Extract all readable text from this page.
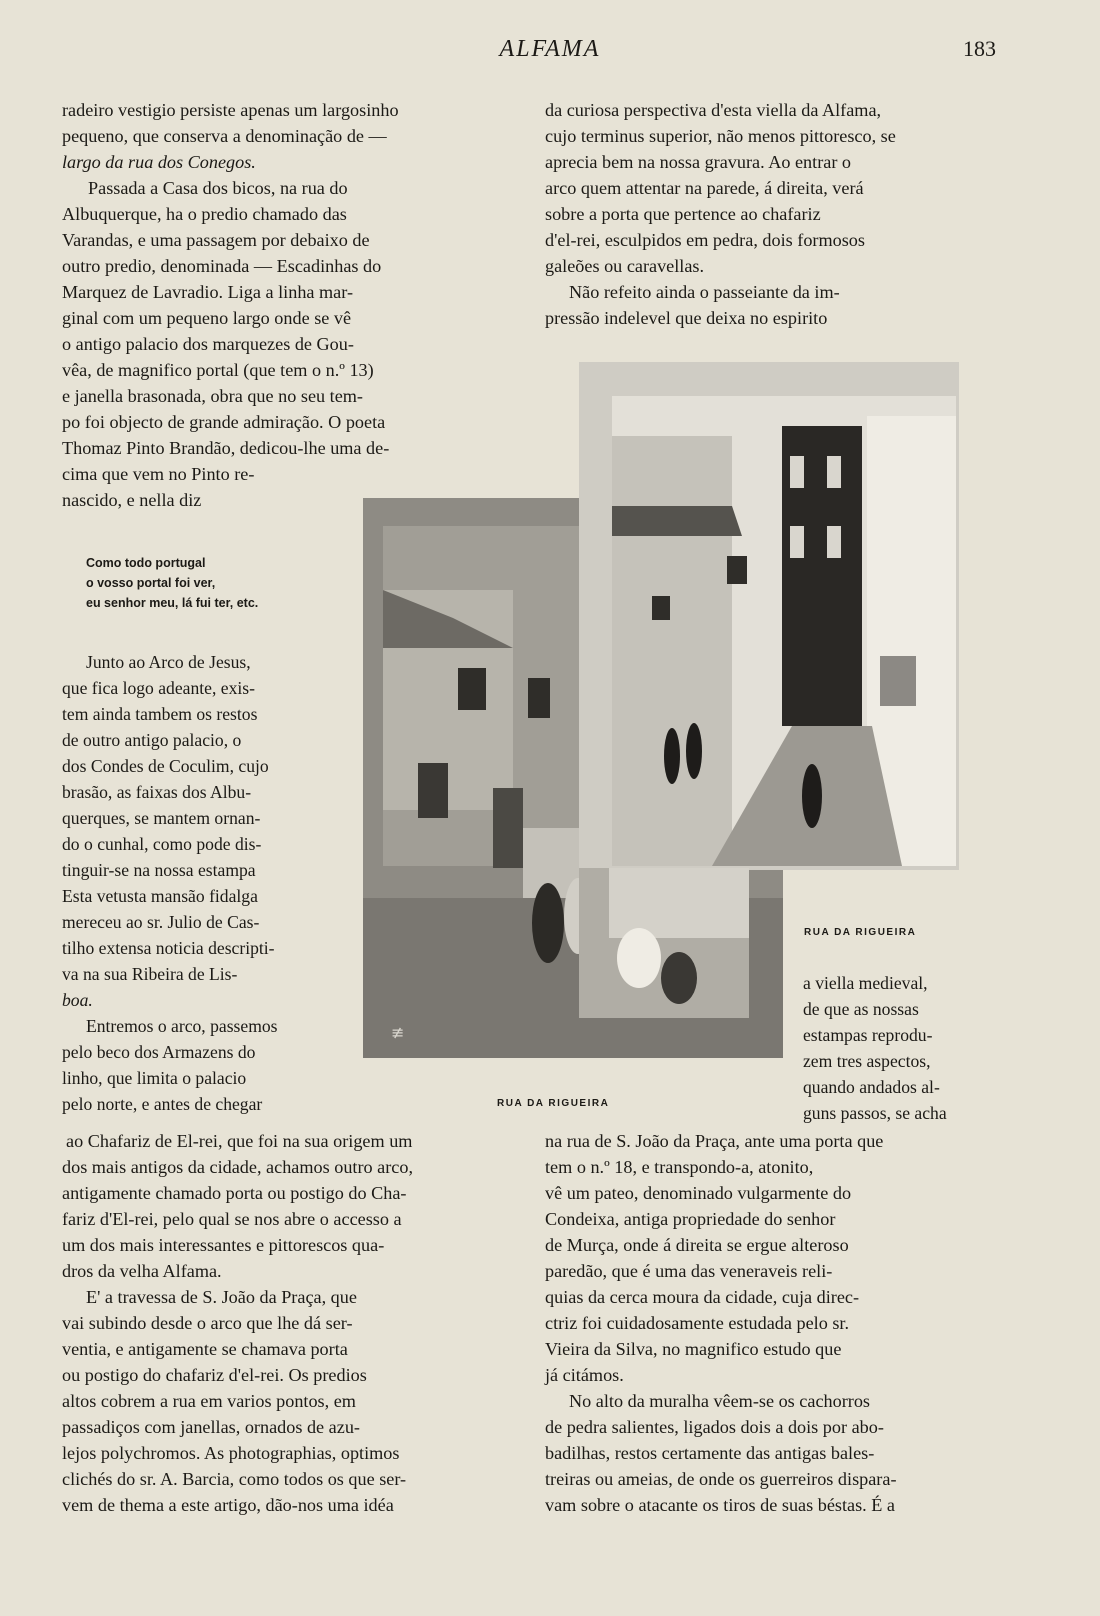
ALFAMA	183
radeiro vestigio persiste apenas um largosinho
pequeno, que conserva a denominação de —
largo da rua dos Conegos.
Passada a Casa dos bicos, na rua do
Albuquerque, ha o predio chamado das
Varandas, e uma passagem por debaixo de
outro predio, denominada — Escadinhas do
Marquez de Lavradio. Liga a linha mar-
ginal com um pequeno largo onde se vê
o antigo palacio dos marquezes de Gou-
vêa, de magnifico portal (que tem o n.º 13)
e janella brasonada, obra que no seu tem-
po foi objecto de grande admiração. O poeta
Thomaz Pinto Brandão, dedicou-lhe uma de-
cima que vem no Pinto re-
nascido, e nella diz
Como todo portugal
o vosso portal foi ver,
eu senhor meu, lá fui ter, etc.
Junto ao Arco de Jesus,
que fica logo adeante, exis-
tem ainda tambem os restos
de outro antigo palacio, o
dos Condes de Coculim, cujo
brasão, as faixas dos Albu-
querques, se mantem ornan-
do o cunhal, como pode dis-
tinguir-se na nossa estampa
Esta vetusta mansão fidalga
mereceu ao sr. Julio de Cas-
tilho extensa noticia descripti-
va na sua Ribeira de Lis-
boa.
Entremos o arco, passemos
pelo beco dos Armazens do
linho, que limita o palacio
pelo norte, e antes de chegar
ao Chafariz de El-rei, que foi na sua origem um
dos mais antigos da cidade, achamos outro arco,
antigamente chamado porta ou postigo do Cha-
fariz d'El-rei, pelo qual se nos abre o accesso a
um dos mais interessantes e pittorescos qua-
dros da velha Alfama.
E' a travessa de S. João da Praça, que
vai subindo desde o arco que lhe dá ser-
ventia, e antigamente se chamava porta
ou postigo do chafariz d'el-rei. Os predios
altos cobrem a rua em varios pontos, em
passadiços com janellas, ornados de azu-
lejos polychromos. As photographias, optimos
clichés do sr. A. Barcia, como todos os que ser-
vem de thema a este artigo, dão-nos uma idéa
da curiosa perspectiva d'esta viella da Alfama,
cujo terminus superior, não menos pittoresco, se
aprecia bem na nossa gravura. Ao entrar o
arco quem attentar na parede, á direita, verá
sobre a porta que pertence ao chafariz
d'el-rei, esculpidos em pedra, dois formosos
galeões ou caravellas.
Não refeito ainda o passeiante da im-
pressão indelevel que deixa no espirito
≢
RUA DA RIGUEIRA
RUA DA RIGUEIRA
a viella medieval,
de que as nossas
estampas reprodu-
zem tres aspectos,
quando andados al-
guns passos, se acha
na rua de S. João da Praça, ante uma porta que
tem o n.º 18, e transpondo-a, atonito,
vê um pateo, denominado vulgarmente do
Condeixa, antiga propriedade do senhor
de Murça, onde á direita se ergue alteroso
paredão, que é uma das veneraveis reli-
quias da cerca moura da cidade, cuja direc-
ctriz foi cuidadosamente estudada pelo sr.
Vieira da Silva, no magnifico estudo que
já citámos.
No alto da muralha vêem-se os cachorros
de pedra salientes, ligados dois a dois por abo-
badilhas, restos certamente das antigas bales-
treiras ou ameias, de onde os guerreiros dispara-
vam sobre o atacante os tiros de suas béstas. É a
